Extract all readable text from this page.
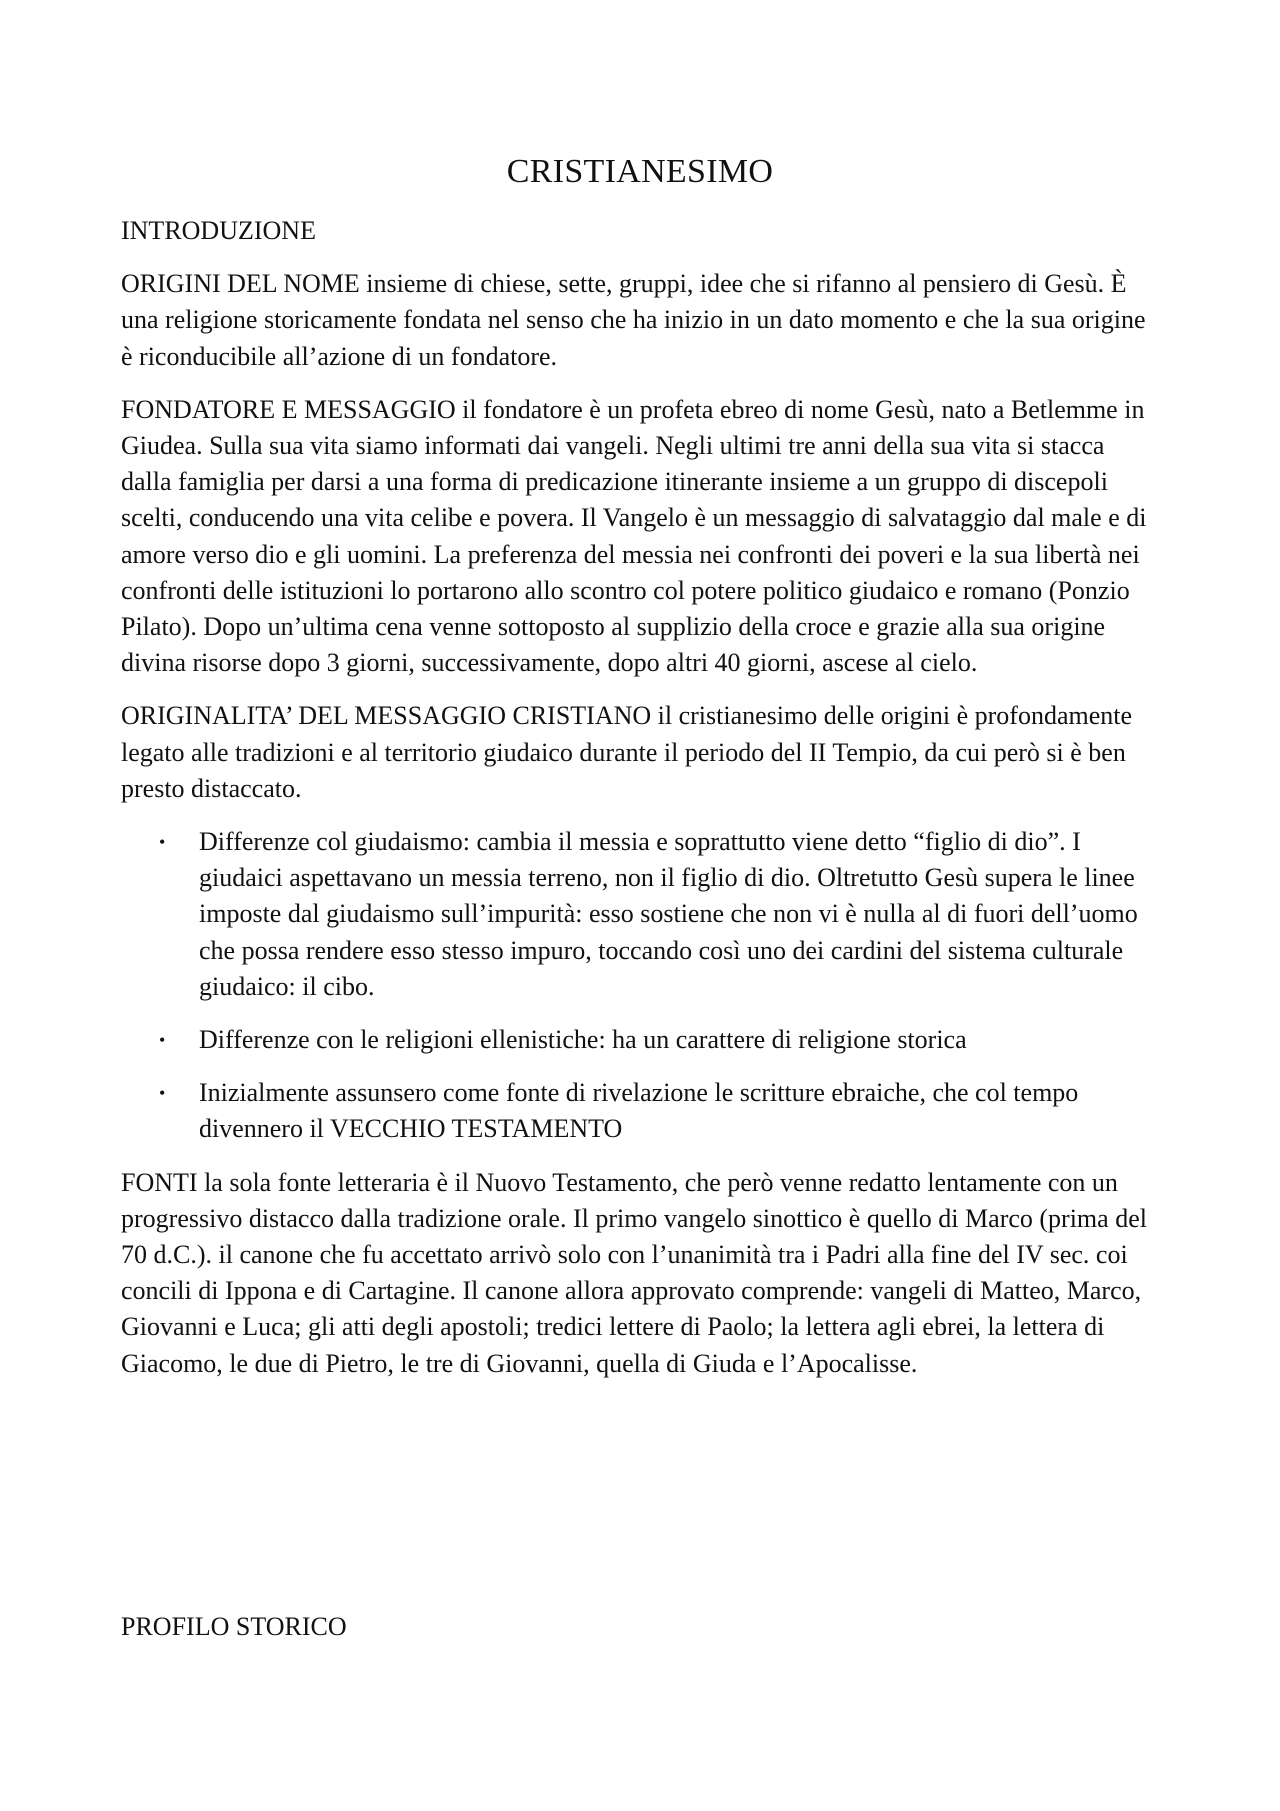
CRISTIANESIMO
INTRODUZIONE

ORIGINI DEL NOME insieme di chiese, sette, gruppi, idee che si rifanno al pensiero di Gesù. È una religione storicamente fondata nel senso che ha inizio in un dato momento e che la sua origine è riconducibile all’azione di un fondatore.

FONDATORE E MESSAGGIO il fondatore è un profeta ebreo di nome Gesù, nato a Betlemme in Giudea. Sulla sua vita siamo informati dai vangeli. Negli ultimi tre anni della sua vita si stacca dalla famiglia per darsi a una forma di predicazione itinerante insieme a un gruppo di discepoli scelti, conducendo una vita celibe e povera. Il Vangelo è un messaggio di salvataggio dal male e di amore verso dio e gli uomini. La preferenza del messia nei confronti dei poveri e la sua libertà nei confronti delle istituzioni lo portarono allo scontro col potere politico giudaico e romano (Ponzio Pilato). Dopo un’ultima cena venne sottoposto al supplizio della croce e grazie alla sua origine divina risorse dopo 3 giorni, successivamente, dopo altri 40 giorni, ascese al cielo.

ORIGINALITA’ DEL MESSAGGIO CRISTIANO il cristianesimo delle origini è profondamente legato alle tradizioni e al territorio giudaico durante il periodo del II Tempio, da cui però si è ben presto distaccato.

• Differenze col giudaismo: cambia il messia e soprattutto viene detto “figlio di dio”. I giudaici aspettavano un messia terreno, non il figlio di dio. Oltretutto Gesù supera le linee imposte dal giudaismo sull’impurità: esso sostiene che non vi è nulla al di fuori dell’uomo che possa rendere esso stesso impuro, toccando così uno dei cardini del sistema culturale giudaico: il cibo.
• Differenze con le religioni ellenistiche: ha un carattere di religione storica
• Inizialmente assunsero come fonte di rivelazione le scritture ebraiche, che col tempo divennero il VECCHIO TESTAMENTO

FONTI la sola fonte letteraria è il Nuovo Testamento, che però venne redatto lentamente con un progressivo distacco dalla tradizione orale. Il primo vangelo sinottico è quello di Marco (prima del 70 d.C.). il canone che fu accettato arrivò solo con l’unanimità tra i Padri alla fine del IV sec. coi concili di Ippona e di Cartagine. Il canone allora approvato comprende: vangeli di Matteo, Marco, Giovanni e Luca; gli atti degli apostoli; tredici lettere di Paolo; la lettera agli ebrei, la lettera di Giacomo, le due di Pietro, le tre di Giovanni, quella di Giuda e l’Apocalisse.

PROFILO STORICO
